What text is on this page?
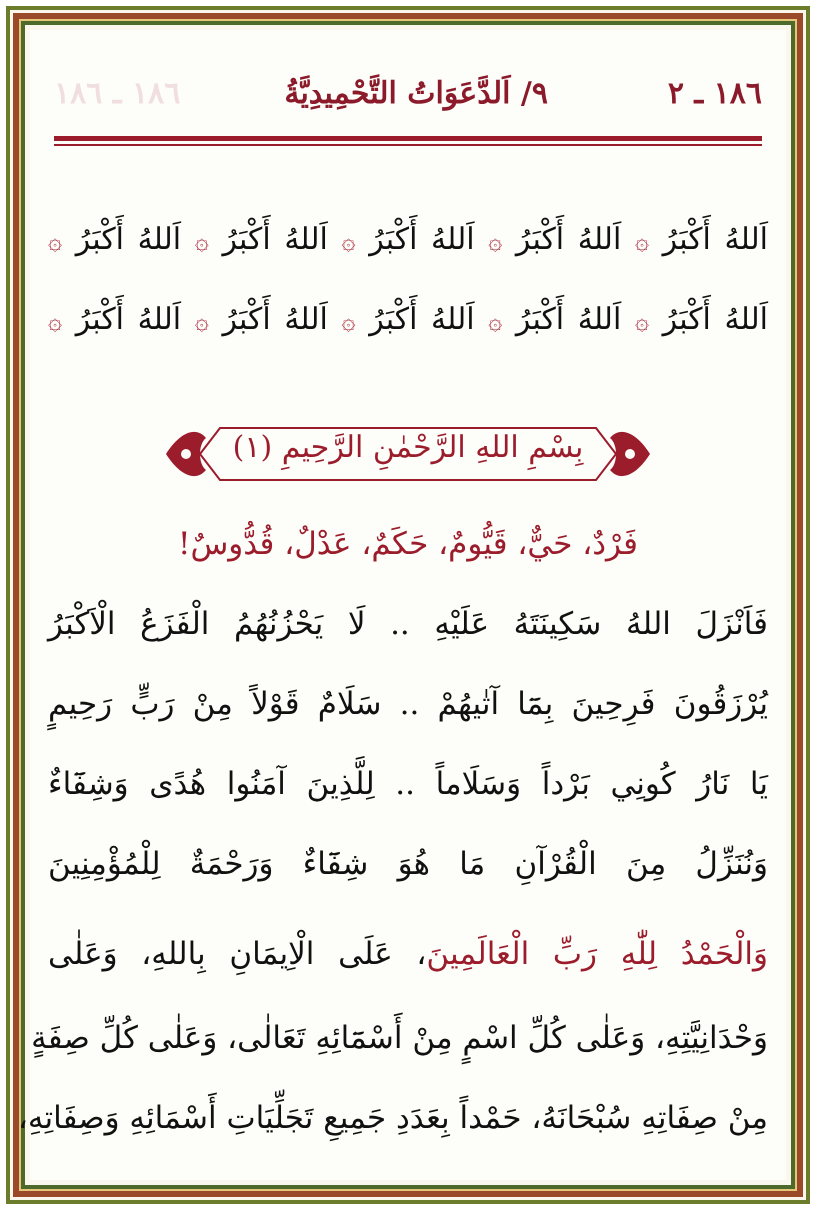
١٨٦ ـ ٢
٩/ اَلدَّعَوَاتُ التَّحْمِيدِيَّةُ
١٨٦ ـ ١٨٦
اَللهُ أَكْبَرُ ۞ اَللهُ أَكْبَرُ ۞ اَللهُ أَكْبَرُ ۞ اَللهُ أَكْبَرُ ۞ اَللهُ أَكْبَرُ ۞
اَللهُ أَكْبَرُ ۞ اَللهُ أَكْبَرُ ۞ اَللهُ أَكْبَرُ ۞ اَللهُ أَكْبَرُ ۞ اَللهُ أَكْبَرُ ۞
بِسْمِ اللهِ الرَّحْمٰنِ الرَّحِيمِ (١)
فَرْدٌ، حَيٌّ، قَيُّومٌ، حَكَمٌ، عَدْلٌ، قُدُّوسٌ!
فَاَنْزَلَ اللهُ سَكِينَتَهُ عَلَيْهِ .. لَا يَحْزُنُهُمُ الْفَزَعُ الْاَكْبَرُ
يُرْزَقُونَ فَرِحِينَ بِمَٓا آتٰيهُمْ .. سَلَامٌ قَوْلاً مِنْ رَبٍّ رَحِيمٍ
يَا نَارُ كُونِي بَرْداً وَسَلَاماً .. لِلَّذِينَ آمَنُوا هُدًى وَشِفَٓاءٌ
وَنُنَزِّلُ مِنَ الْقُرْآنِ مَا هُوَ شِفَٓاءٌ وَرَحْمَةٌ لِلْمُؤْمِنِينَ
وَالْحَمْدُ لِلّٰهِ رَبِّ الْعَالَمِينَ، عَلَى الْاِيمَانِ بِاللهِ، وَعَلٰى
وَحْدَانِيَّتِهِ، وَعَلٰى كُلِّ اسْمٍ مِنْ أَسْمَٓائِهِ تَعَالٰى، وَعَلٰى كُلِّ صِفَةٍ
مِنْ صِفَاتِهِ سُبْحَانَهُ، حَمْداً بِعَدَدِ جَمِيعِ تَجَلِّيَاتِ أَسْمَائِهِ وَصِفَاتِهِ،
